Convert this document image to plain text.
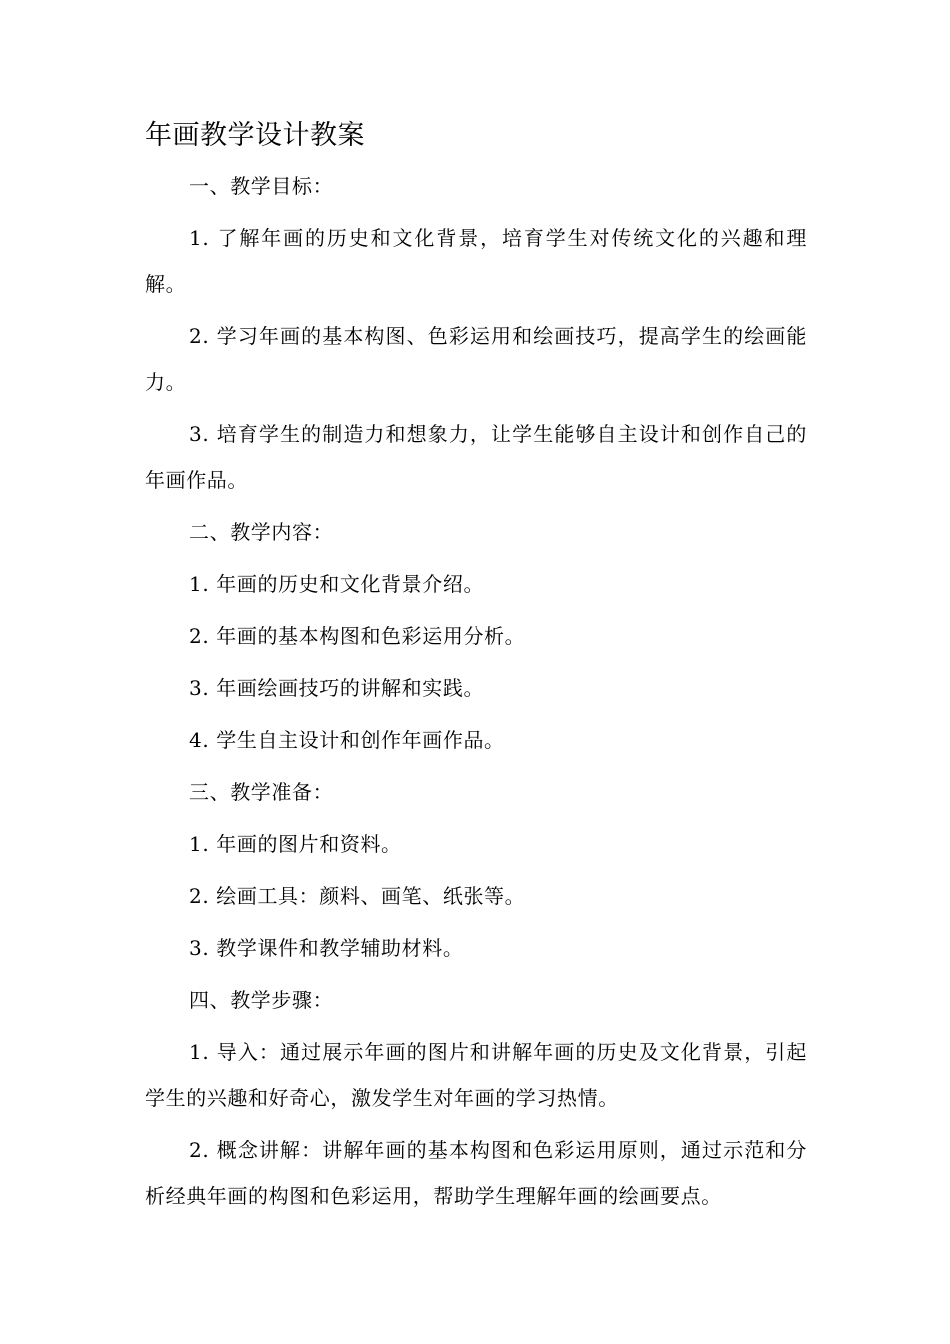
年画教学设计教案

一、教学目标：

1. 了解年画的历史和文化背景，培育学生对传统文化的兴趣和理解。

2. 学习年画的基本构图、色彩运用和绘画技巧，提高学生的绘画能力。

3. 培育学生的制造力和想象力，让学生能够自主设计和创作自己的年画作品。

二、教学内容：

1. 年画的历史和文化背景介绍。

2. 年画的基本构图和色彩运用分析。

3. 年画绘画技巧的讲解和实践。

4. 学生自主设计和创作年画作品。

三、教学准备：

1. 年画的图片和资料。

2. 绘画工具：颜料、画笔、纸张等。

3. 教学课件和教学辅助材料。

四、教学步骤：

1. 导入：通过展示年画的图片和讲解年画的历史及文化背景，引起学生的兴趣和好奇心，激发学生对年画的学习热情。

2. 概念讲解：讲解年画的基本构图和色彩运用原则，通过示范和分析经典年画的构图和色彩运用，帮助学生理解年画的绘画要点。
